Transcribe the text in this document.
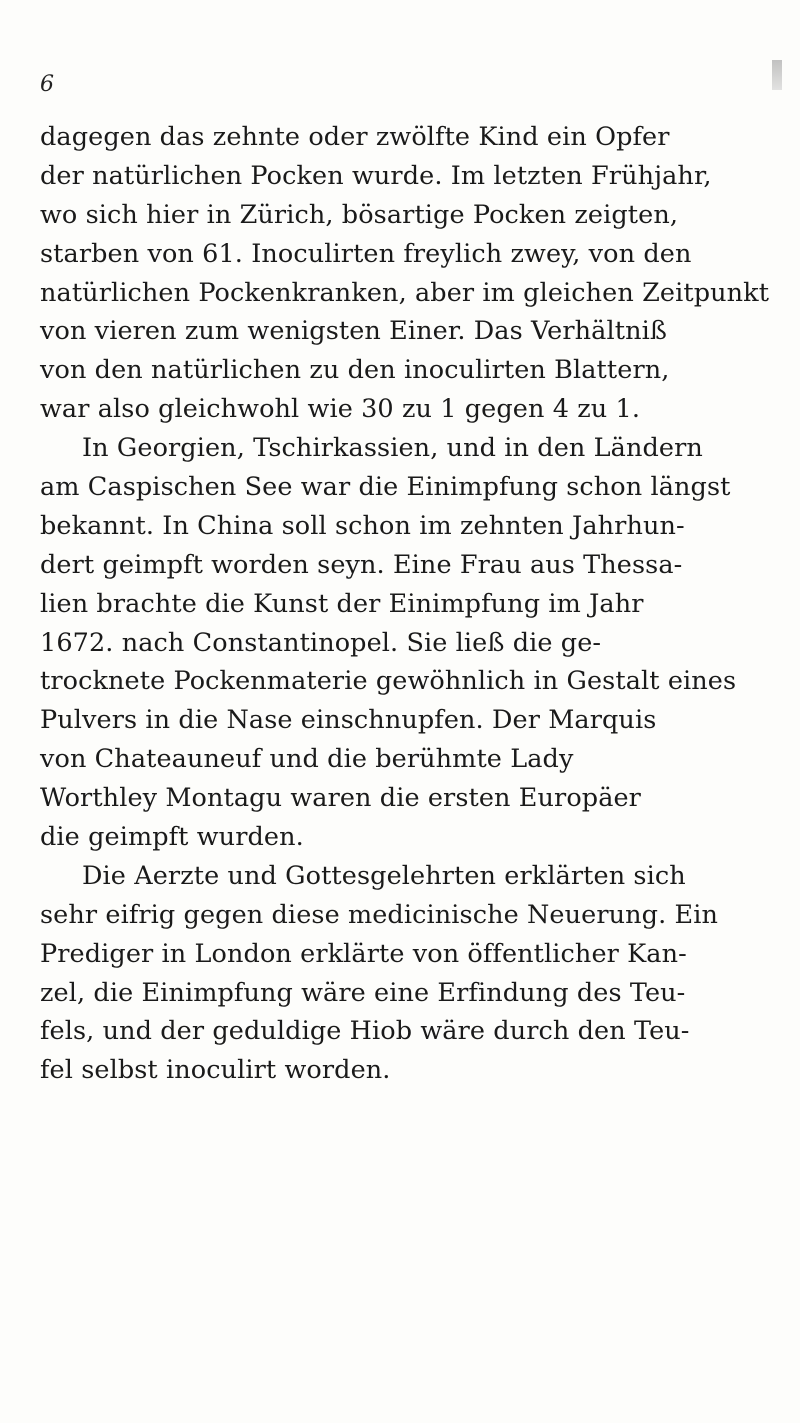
6
dagegen das zehnte oder zwölfte Kind ein Opfer
der natürlichen Pocken wurde. Im letzten Frühjahr,
wo sich hier in Zürich, bösartige Pocken zeigten,
starben von 61. Inoculirten freylich zwey, von den
natürlichen Pockenkranken, aber im gleichen Zeitpunkt
von vieren zum wenigsten Einer. Das Verhältniß
von den natürlichen zu den inoculirten Blattern,
war also gleichwohl wie 30 zu 1 gegen 4 zu 1.
In Georgien, Tschirkassien, und in den Ländern
am Caspischen See war die Einimpfung schon längst
bekannt. In China soll schon im zehnten Jahrhun-
dert geimpft worden seyn. Eine Frau aus Thessa-
lien brachte die Kunst der Einimpfung im Jahr
1672. nach Constantinopel. Sie ließ die ge-
trocknete Pockenmaterie gewöhnlich in Gestalt eines
Pulvers in die Nase einschnupfen. Der Marquis
von Chateauneuf und die berühmte Lady
Worthley Montagu waren die ersten Europäer
die geimpft wurden.
Die Aerzte und Gottesgelehrten erklärten sich
sehr eifrig gegen diese medicinische Neuerung. Ein
Prediger in London erklärte von öffentlicher Kan-
zel, die Einimpfung wäre eine Erfindung des Teu-
fels, und der geduldige Hiob wäre durch den Teu-
fel selbst inoculirt worden.
